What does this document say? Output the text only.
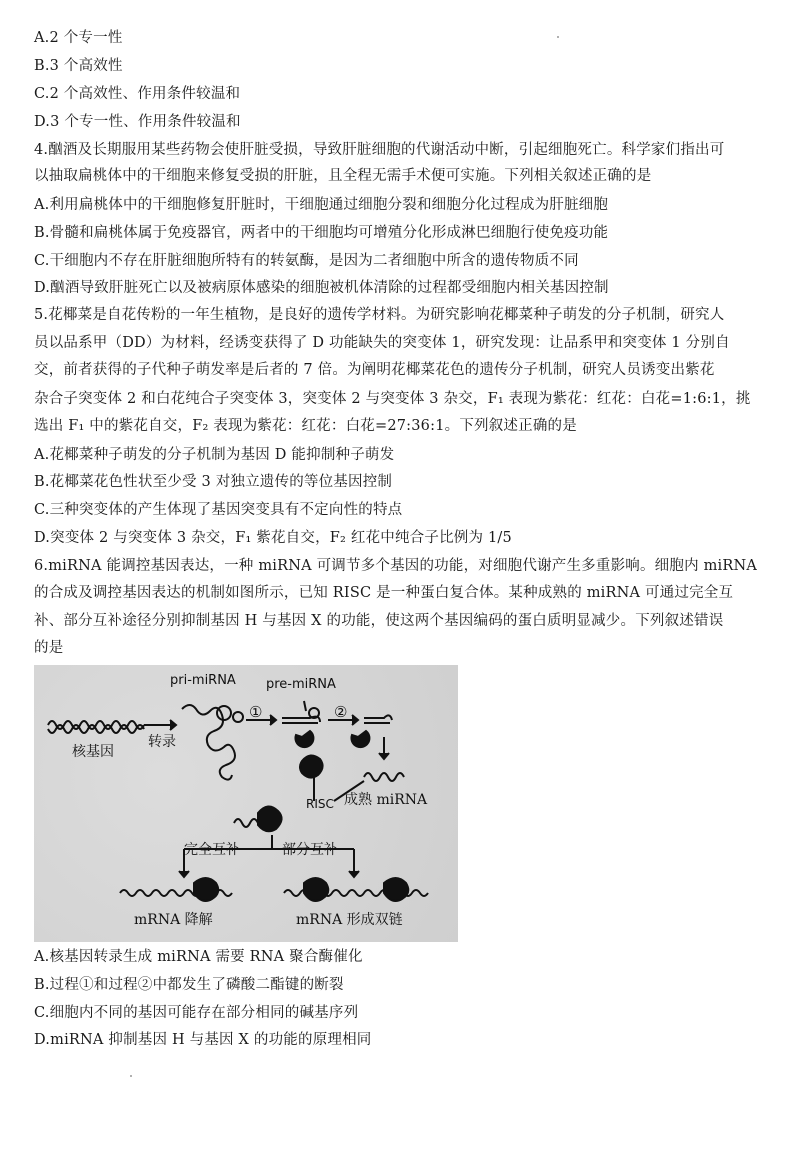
A.2 个专一性
B.3 个高效性
C.2 个高效性、作用条件较温和
D.3 个专一性、作用条件较温和
4.酗酒及长期服用某些药物会使肝脏受损，导致肝脏细胞的代谢活动中断，引起细胞死亡。科学家们指出可
以抽取扁桃体中的干细胞来修复受损的肝脏，且全程无需手术便可实施。下列相关叙述正确的是
A.利用扁桃体中的干细胞修复肝脏时，干细胞通过细胞分裂和细胞分化过程成为肝脏细胞
B.骨髓和扁桃体属于免疫器官，两者中的干细胞均可增殖分化形成淋巴细胞行使免疫功能
C.干细胞内不存在肝脏细胞所特有的转氨酶，是因为二者细胞中所含的遗传物质不同
D.酗酒导致肝脏死亡以及被病原体感染的细胞被机体清除的过程都受细胞内相关基因控制
5.花椰菜是自花传粉的一年生植物，是良好的遗传学材料。为研究影响花椰菜种子萌发的分子机制，研究人
员以品系甲（DD）为材料，经诱变获得了 D 功能缺失的突变体 1，研究发现：让品系甲和突变体 1 分别自
交，前者获得的子代种子萌发率是后者的 7 倍。为阐明花椰菜花色的遗传分子机制，研究人员诱变出紫花
杂合子突变体 2 和白花纯合子突变体 3，突变体 2 与突变体 3 杂交，F₁ 表现为紫花：红花：白花=1:6:1，挑
选出 F₁ 中的紫花自交，F₂ 表现为紫花：红花：白花=27:36:1。下列叙述正确的是
A.花椰菜种子萌发的分子机制为基因 D 能抑制种子萌发
B.花椰菜花色性状至少受 3 对独立遗传的等位基因控制
C.三种突变体的产生体现了基因突变具有不定向性的特点
D.突变体 2 与突变体 3 杂交，F₁ 紫花自交，F₂ 红花中纯合子比例为 1/5
6.miRNA 能调控基因表达，一种 miRNA 可调节多个基因的功能，对细胞代谢产生多重影响。细胞内 miRNA
的合成及调控基因表达的机制如图所示，已知 RISC 是一种蛋白复合体。某种成熟的 miRNA 可通过完全互
补、部分互补途径分别抑制基因 H 与基因 X 的功能，使这两个基因编码的蛋白质明显减少。下列叙述错误
的是
pri-miRNA pre-miRNA
①	②
核基因
转录
RISC 成熟 miRNA
完全互补	部分互补
mRNA 降解	mRNA 形成双链
A.核基因转录生成 miRNA 需要 RNA 聚合酶催化
B.过程①和过程②中都发生了磷酸二酯键的断裂
C.细胞内不同的基因可能存在部分相同的碱基序列
D.miRNA 抑制基因 H 与基因 X 的功能的原理相同
